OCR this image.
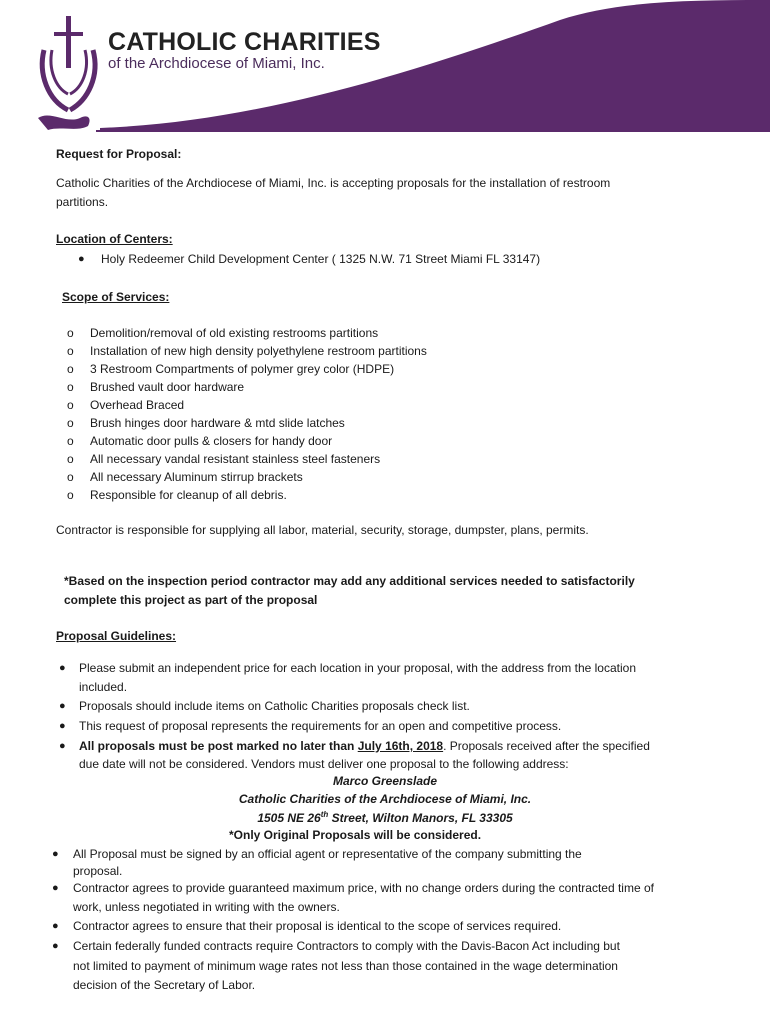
CATHOLIC CHARITIES
of the Archdiocese of Miami, Inc.
Request for Proposal:
Catholic Charities of the Archdiocese of Miami, Inc. is accepting proposals for the installation of restroom
partitions.
Location of Centers:
● Holy Redeemer Child Development Center ( 1325 N.W. 71 Street Miami FL 33147)
Scope of Services:
o Demolition/removal of old existing restrooms partitions
o Installation of new high density polyethylene restroom partitions
o 3 Restroom Compartments of polymer grey color (HDPE)
o Brushed vault door hardware
o Overhead Braced
o Brush hinges door hardware & mtd slide latches
o Automatic door pulls & closers for handy door
o All necessary vandal resistant stainless steel fasteners
o All necessary Aluminum stirrup brackets
o Responsible for cleanup of all debris.
Contractor is responsible for supplying all labor, material, security, storage, dumpster, plans, permits.
*Based on the inspection period contractor may add any additional services needed to satisfactorily
complete this project as part of the proposal
Proposal Guidelines:
● Please submit an independent price for each location in your proposal, with the address from the location
included.
● Proposals should include items on Catholic Charities proposals check list.
● This request of proposal represents the requirements for an open and competitive process.
● All proposals must be post marked no later than July 16th, 2018. Proposals received after the specified
due date will not be considered. Vendors must deliver one proposal to the following address:
Marco Greenslade
Catholic Charities of the Archdiocese of Miami, Inc.
1505 NE 26th Street, Wilton Manors, FL 33305
*Only Original Proposals will be considered.
● All Proposal must be signed by an official agent or representative of the company submitting the
proposal.
● Contractor agrees to provide guaranteed maximum price, with no change orders during the contracted time of
work, unless negotiated in writing with the owners.
● Contractor agrees to ensure that their proposal is identical to the scope of services required.
● Certain federally funded contracts require Contractors to comply with the Davis-Bacon Act including but
not limited to payment of minimum wage rates not less than those contained in the wage determination
decision of the Secretary of Labor.
